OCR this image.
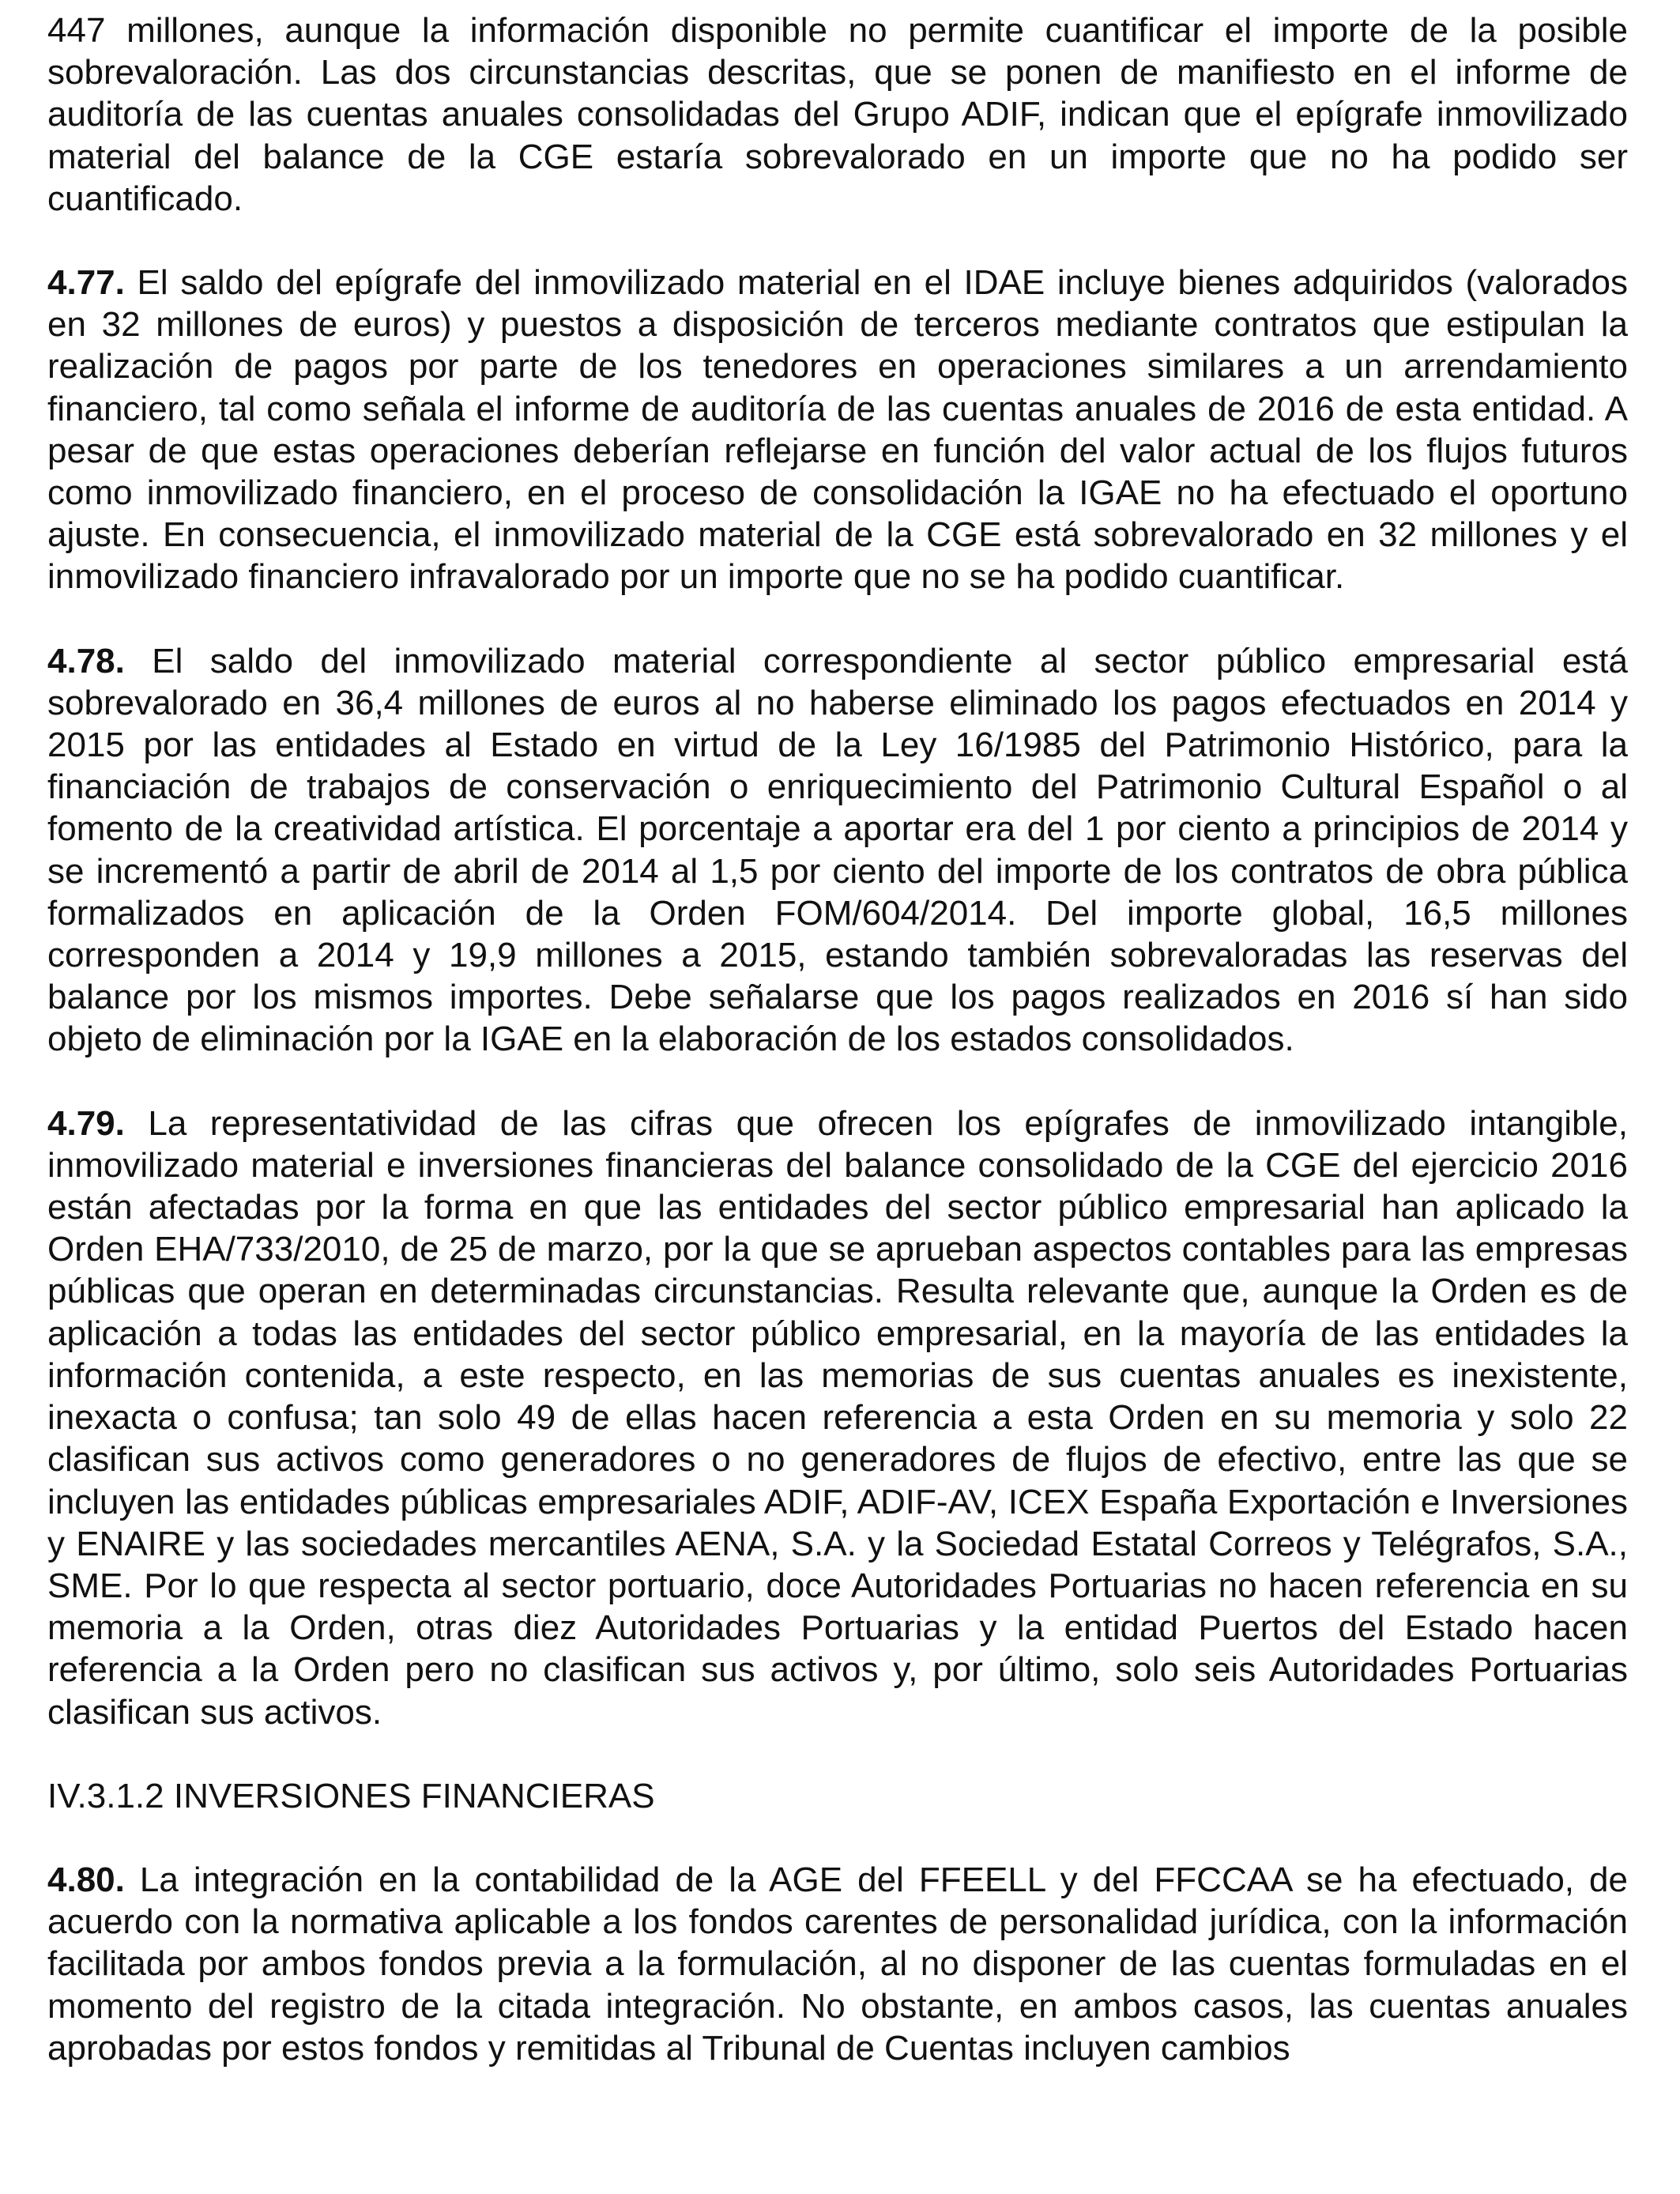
447 millones, aunque la información disponible no permite cuantificar el importe de la posible sobrevaloración. Las dos circunstancias descritas, que se ponen de manifiesto en el informe de auditoría de las cuentas anuales consolidadas del Grupo ADIF, indican que el epígrafe inmovilizado material del balance de la CGE estaría sobrevalorado en un importe que no ha podido ser cuantificado.

4.77. El saldo del epígrafe del inmovilizado material en el IDAE incluye bienes adquiridos (valorados en 32 millones de euros) y puestos a disposición de terceros mediante contratos que estipulan la realización de pagos por parte de los tenedores en operaciones similares a un arrendamiento financiero, tal como señala el informe de auditoría de las cuentas anuales de 2016 de esta entidad. A pesar de que estas operaciones deberían reflejarse en función del valor actual de los flujos futuros como inmovilizado financiero, en el proceso de consolidación la IGAE no ha efectuado el oportuno ajuste. En consecuencia, el inmovilizado material de la CGE está sobrevalorado en 32 millones y el inmovilizado financiero infravalorado por un importe que no se ha podido cuantificar.

4.78. El saldo del inmovilizado material correspondiente al sector público empresarial está sobrevalorado en 36,4 millones de euros al no haberse eliminado los pagos efectuados en 2014 y 2015 por las entidades al Estado en virtud de la Ley 16/1985 del Patrimonio Histórico, para la financiación de trabajos de conservación o enriquecimiento del Patrimonio Cultural Español o al fomento de la creatividad artística. El porcentaje a aportar era del 1 por ciento a principios de 2014 y se incrementó a partir de abril de 2014 al 1,5 por ciento del importe de los contratos de obra pública formalizados en aplicación de la Orden FOM/604/2014. Del importe global, 16,5 millones corresponden a 2014 y 19,9 millones a 2015, estando también sobrevaloradas las reservas del balance por los mismos importes. Debe señalarse que los pagos realizados en 2016 sí han sido objeto de eliminación por la IGAE en la elaboración de los estados consolidados.

4.79. La representatividad de las cifras que ofrecen los epígrafes de inmovilizado intangible, inmovilizado material e inversiones financieras del balance consolidado de la CGE del ejercicio 2016 están afectadas por la forma en que las entidades del sector público empresarial han aplicado la Orden EHA/733/2010, de 25 de marzo, por la que se aprueban aspectos contables para las empresas públicas que operan en determinadas circunstancias. Resulta relevante que, aunque la Orden es de aplicación a todas las entidades del sector público empresarial, en la mayoría de las entidades la información contenida, a este respecto, en las memorias de sus cuentas anuales es inexistente, inexacta o confusa; tan solo 49 de ellas hacen referencia a esta Orden en su memoria y solo 22 clasifican sus activos como generadores o no generadores de flujos de efectivo, entre las que se incluyen las entidades públicas empresariales ADIF, ADIF-AV, ICEX España Exportación e Inversiones y ENAIRE y las sociedades mercantiles AENA, S.A. y la Sociedad Estatal Correos y Telégrafos, S.A., SME. Por lo que respecta al sector portuario, doce Autoridades Portuarias no hacen referencia en su memoria a la Orden, otras diez Autoridades Portuarias y la entidad Puertos del Estado hacen referencia a la Orden pero no clasifican sus activos y, por último, solo seis Autoridades Portuarias clasifican sus activos.

IV.3.1.2 INVERSIONES FINANCIERAS

4.80. La integración en la contabilidad de la AGE del FFEELL y del FFCCAA se ha efectuado, de acuerdo con la normativa aplicable a los fondos carentes de personalidad jurídica, con la información facilitada por ambos fondos previa a la formulación, al no disponer de las cuentas formuladas en el momento del registro de la citada integración. No obstante, en ambos casos, las cuentas anuales aprobadas por estos fondos y remitidas al Tribunal de Cuentas incluyen cambios
